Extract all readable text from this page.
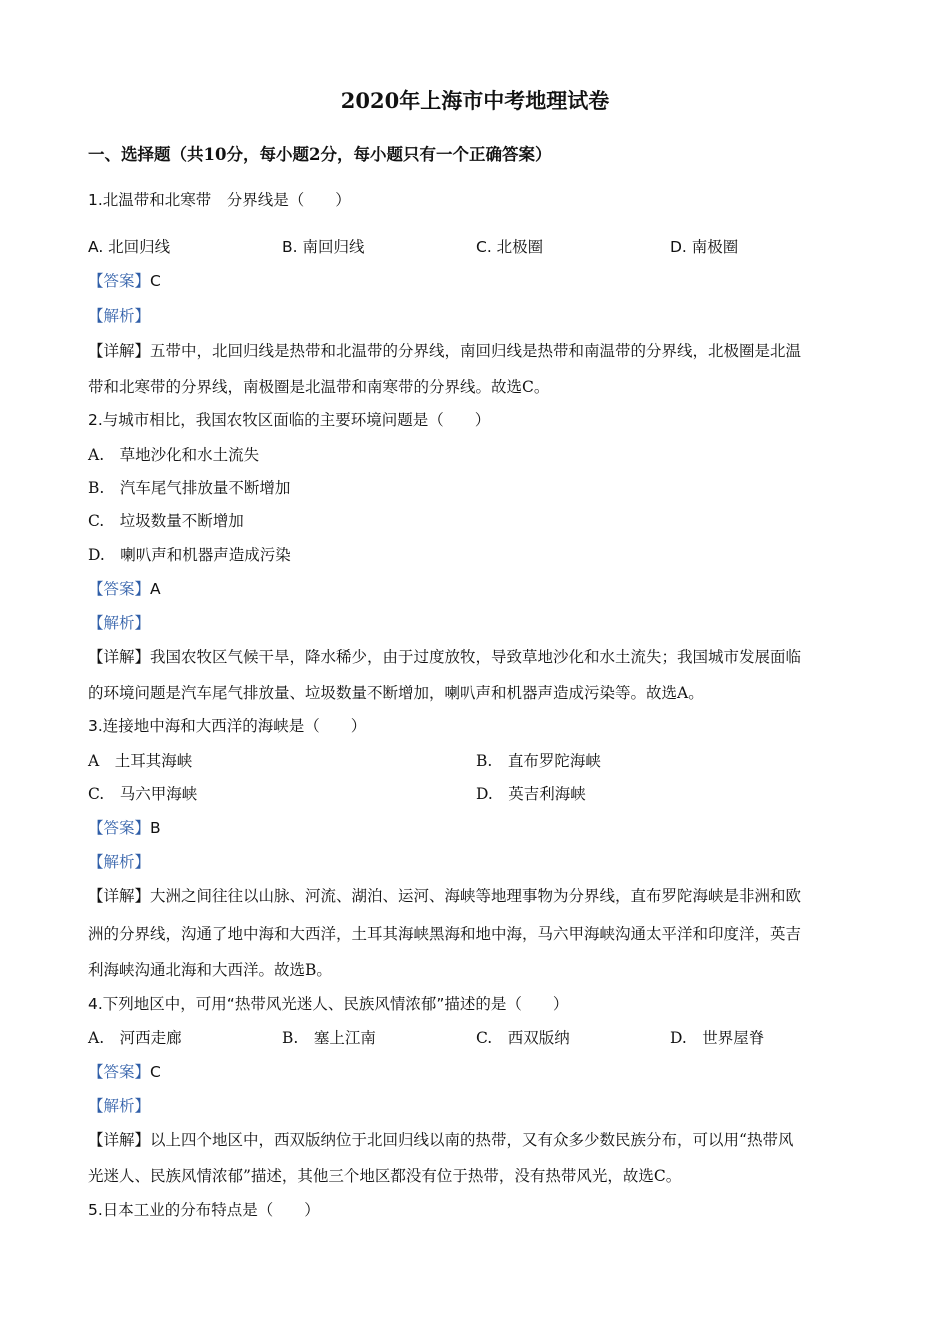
2020年上海市中考地理试卷
一、选择题（共10分，每小题2分，每小题只有一个正确答案）
1.北温带和北寒带　分界线是（　　）
A. 北回归线	B. 南回归线	C. 北极圈	D. 南极圈
【答案】C
【解析】
【详解】五带中，北回归线是热带和北温带的分界线，南回归线是热带和南温带的分界线，北极圈是北温
带和北寒带的分界线，南极圈是北温带和南寒带的分界线。故选C。
2.与城市相比，我国农牧区面临的主要环境问题是（　　）
A.　草地沙化和水土流失
B.　汽车尾气排放量不断增加
C.　垃圾数量不断增加
D.　喇叭声和机器声造成污染
【答案】A
【解析】
【详解】我国农牧区气候干旱，降水稀少，由于过度放牧，导致草地沙化和水土流失；我国城市发展面临
的环境问题是汽车尾气排放量、垃圾数量不断增加，喇叭声和机器声造成污染等。故选A。
3.连接地中海和大西洋的海峡是（　　）
A　土耳其海峡	B.　直布罗陀海峡
C.　马六甲海峡	D.　英吉利海峡
【答案】B
【解析】
【详解】大洲之间往往以山脉、河流、湖泊、运河、海峡等地理事物为分界线，直布罗陀海峡是非洲和欧
洲的分界线，沟通了地中海和大西洋，土耳其海峡黑海和地中海，马六甲海峡沟通太平洋和印度洋，英吉
利海峡沟通北海和大西洋。故选B。
4.下列地区中，可用“热带风光迷人、民族风情浓郁”描述的是（　　）
A.　河西走廊	B.　塞上江南	C.　西双版纳	D.　世界屋脊
【答案】C
【解析】
【详解】以上四个地区中，西双版纳位于北回归线以南的热带，又有众多少数民族分布，可以用“热带风
光迷人、民族风情浓郁”描述，其他三个地区都没有位于热带，没有热带风光，故选C。
5.日本工业的分布特点是（　　）
